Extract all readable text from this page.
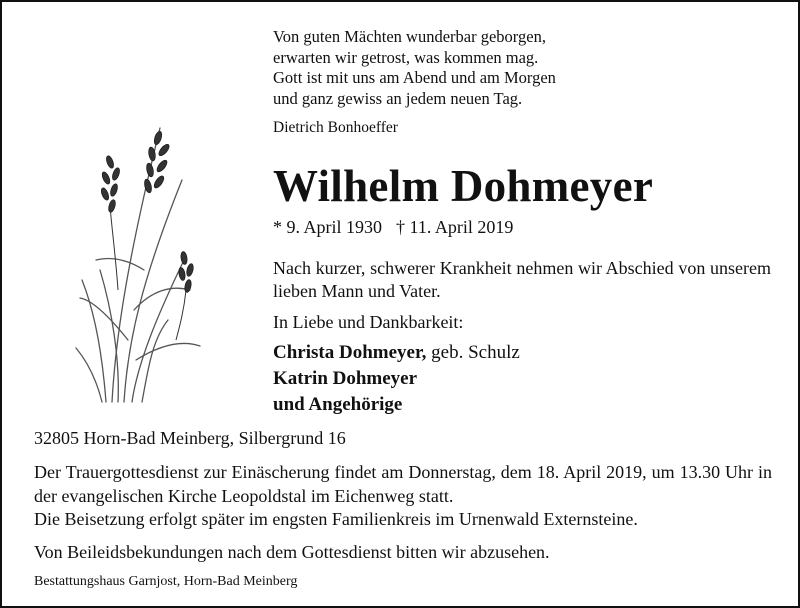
Von guten Mächten wunderbar geborgen,
erwarten wir getrost, was kommen mag.
Gott ist mit uns am Abend und am Morgen
und ganz gewiss an jedem neuen Tag.
Dietrich Bonhoeffer
Wilhelm Dohmeyer
* 9. April 1930 † 11. April 2019
Nach kurzer, schwerer Krankheit nehmen wir Abschied von unserem lieben Mann und Vater.
In Liebe und Dankbarkeit:
Christa Dohmeyer, geb. Schulz
Katrin Dohmeyer
und Angehörige
32805 Horn-Bad Meinberg, Silbergrund 16
Der Trauergottesdienst zur Einäscherung findet am Donnerstag, dem 18. April 2019, um 13.30 Uhr in der evangelischen Kirche Leopoldstal im Eichenweg statt.
Die Beisetzung erfolgt später im engsten Familienkreis im Urnenwald Externsteine.
Von Beileidsbekundungen nach dem Gottesdienst bitten wir abzusehen.
Bestattungshaus Garnjost, Horn-Bad Meinberg
